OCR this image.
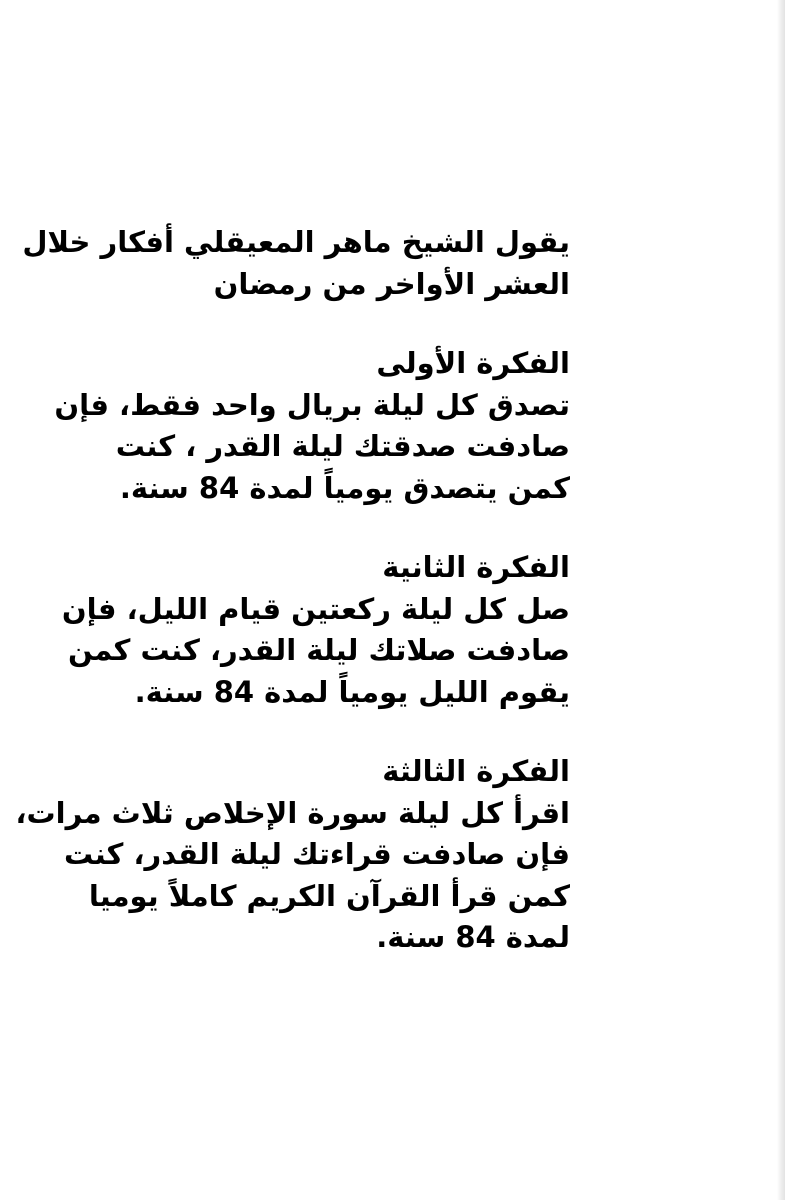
يقول الشيخ ماهر المعيقلي أفكار خلال
العشر الأواخر من رمضان
الفكرة الأولى
تصدق كل ليلة بريال واحد فقط، فإن
صادفت صدقتك ليلة القدر ، كنت
كمن يتصدق يومياً لمدة 84 سنة.
الفكرة الثانية
صل كل ليلة ركعتين قيام الليل، فإن
صادفت صلاتك ليلة القدر، كنت كمن
يقوم الليل يومياً لمدة 84 سنة.
الفكرة الثالثة
اقرأ كل ليلة سورة الإخلاص ثلاث مرات،
فإن صادفت قراءتك ليلة القدر، كنت
كمن قرأ القرآن الكريم كاملاً يوميا
لمدة 84 سنة.
